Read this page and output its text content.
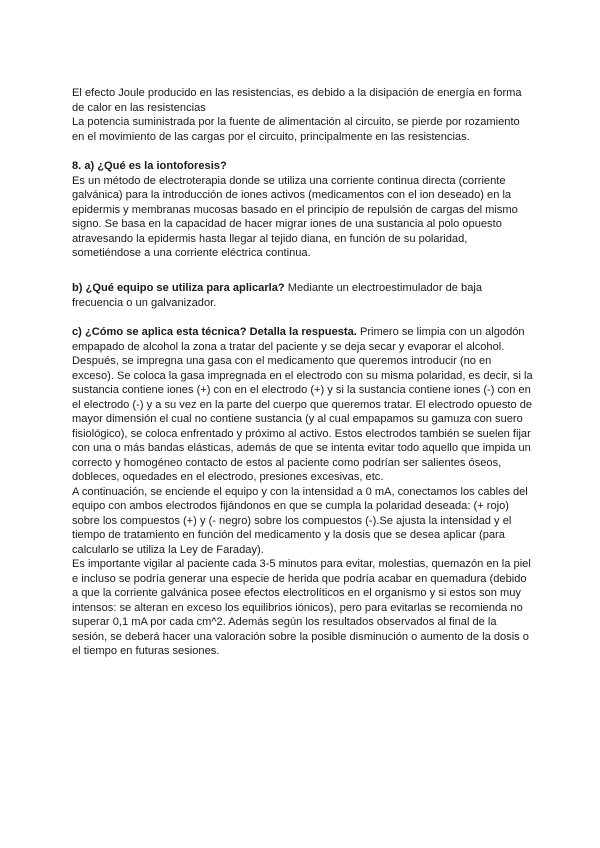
El efecto Joule producido en las resistencias, es debido a la disipación de energía en forma de calor en las resistencias

La potencia suministrada por la fuente de alimentación al circuito, se pierde por rozamiento en el movimiento de las cargas por el circuito, principalmente en las resistencias.

8. a) ¿Qué es la iontoforesis?

Es un método de electroterapia donde se utiliza una corriente continua directa (corriente galvánica) para la introducción de iones activos (medicamentos con el ion deseado) en la epidermis y membranas mucosas basado en el principio de repulsión de cargas del mismo signo. Se basa en la capacidad de hacer migrar iones de una sustancia al polo opuesto atravesando la epidermis hasta llegar al tejido diana, en función de su polaridad, sometiéndose a una corriente eléctrica continua.

b) ¿Qué equipo se utiliza para aplicarla? Mediante un electroestimulador de baja frecuencia o un galvanizador.

c) ¿Cómo se aplica esta técnica? Detalla la respuesta. Primero se limpia con un algodón empapado de alcohol la zona a tratar del paciente y se deja secar y evaporar el alcohol. Después, se impregna una gasa con el medicamento que queremos introducir (no en exceso). Se coloca la gasa impregnada en el electrodo con su misma polaridad, es decir, si la sustancia contiene iones (+) con en el electrodo (+) y si la sustancia contiene iones (-) con en el electrodo (-) y a su vez en la parte del cuerpo que queremos tratar. El electrodo opuesto de mayor dimensión el cual no contiene sustancia (y al cual empapamos su gamuza con suero fisiológico), se coloca enfrentado y próximo al activo. Estos electrodos también se suelen fijar con una o más bandas elásticas, además de que se intenta evitar todo aquello que impida un correcto y homogéneo contacto de estos al paciente como podrían ser salientes óseos, dobleces, oquedades en el electrodo, presiones excesivas, etc.

A continuación, se enciende el equipo y con la intensidad a 0 mA, conectamos los cables del equipo con ambos electrodos fijándonos en que se cumpla la polaridad deseada: (+ rojo) sobre los compuestos (+) y (- negro) sobre los compuestos (-).Se ajusta la intensidad y el tiempo de tratamiento en función del medicamento y la dosis que se desea aplicar (para calcularlo se utiliza la Ley de Faraday).

Es importante vigilar al paciente cada 3-5 minutos para evitar, molestias, quemazón en la piel e incluso se podría generar una especie de herida que podría acabar en quemadura (debido a que la corriente galvánica posee efectos electrolíticos en el organismo y si estos son muy intensos: se alteran en exceso los equilibrios iónicos), pero para evitarlas se recomienda no superar 0,1 mA por cada cm^2. Además según los resultados observados al final de la sesión, se deberá hacer una valoración sobre la posible disminución o aumento de la dosis o el tiempo en futuras sesiones.
